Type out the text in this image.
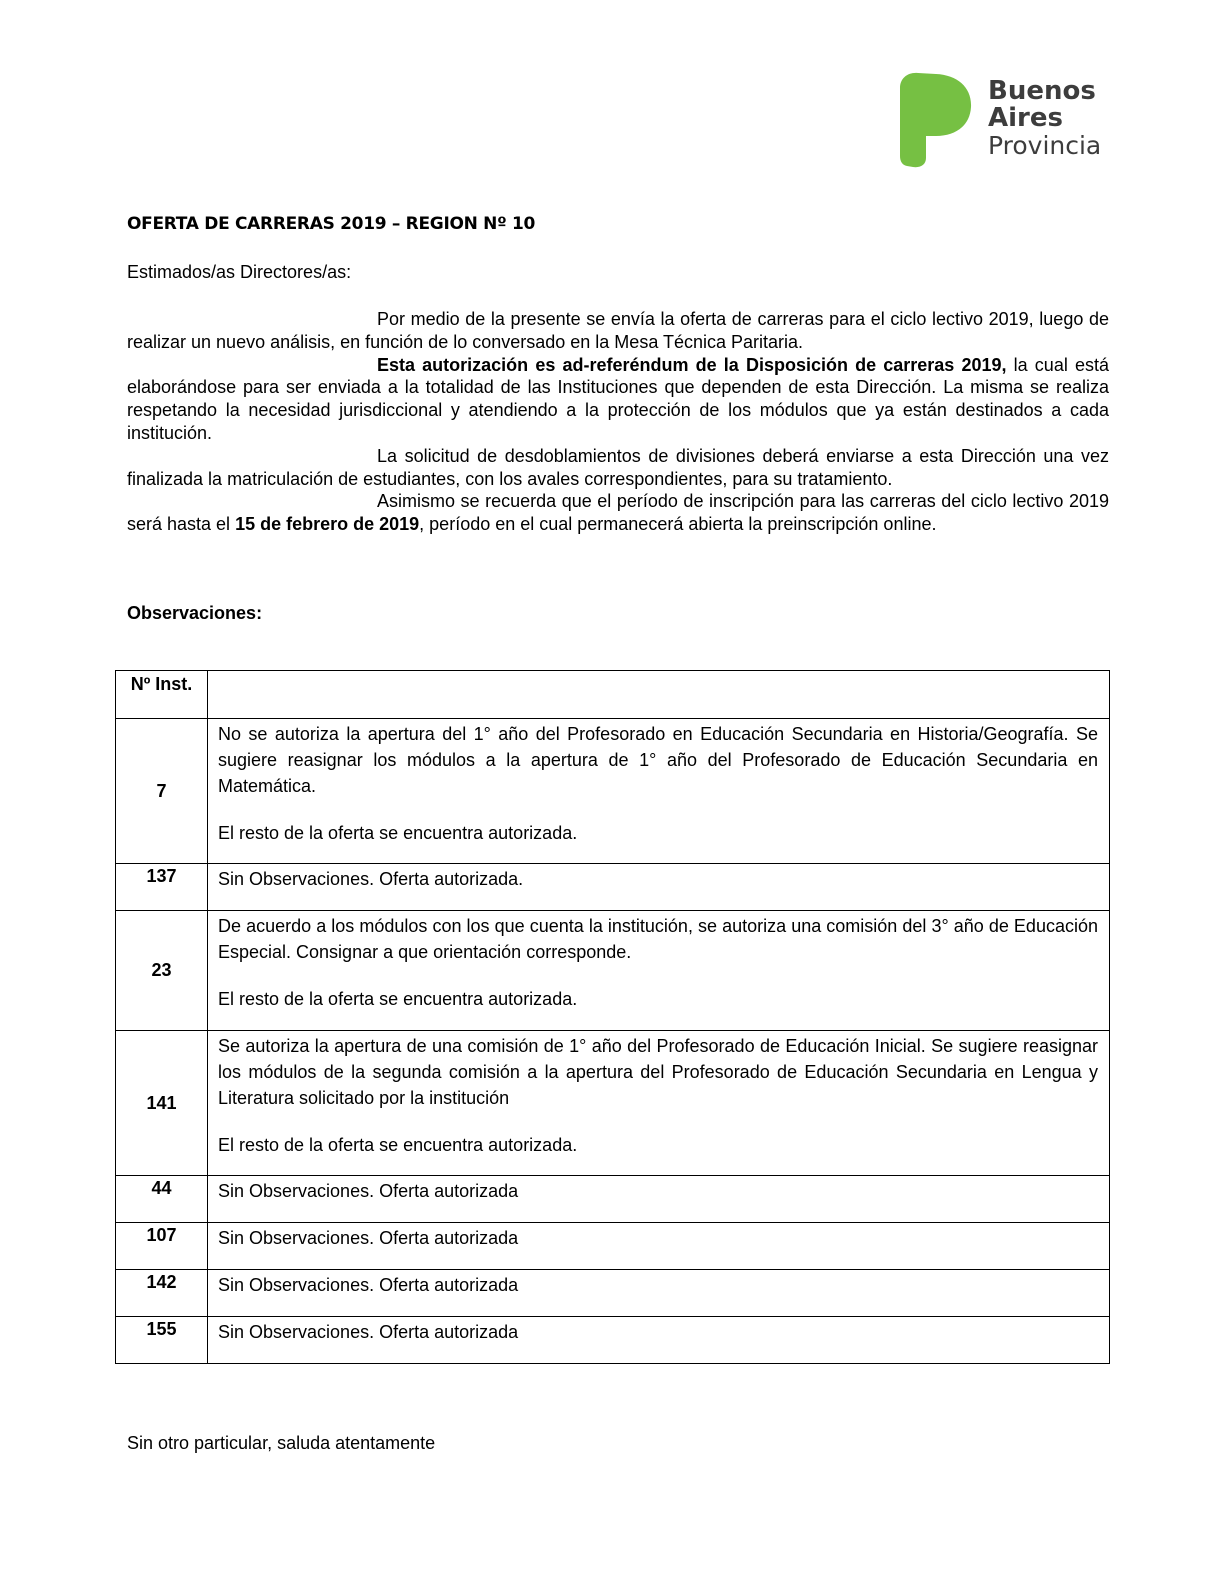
Buenos
Aires
Provincia
OFERTA DE CARRERAS 2019 – REGION Nº 10
Estimados/as Directores/as:

Por medio de la presente se envía la oferta de carreras para el ciclo lectivo 2019, luego de realizar un nuevo análisis, en función de lo conversado en la Mesa Técnica Paritaria.

Esta autorización es ad-referéndum de la Disposición de carreras 2019, la cual está elaborándose para ser enviada a la totalidad de las Instituciones que dependen de esta Dirección. La misma se realiza respetando la necesidad jurisdiccional y atendiendo a la protección de los módulos que ya están destinados a cada institución.

La solicitud de desdoblamientos de divisiones deberá enviarse a esta Dirección una vez finalizada la matriculación de estudiantes, con los avales correspondientes, para su tratamiento.

Asimismo se recuerda que el período de inscripción para las carreras del ciclo lectivo 2019 será hasta el 15 de febrero de 2019, período en el cual permanecerá abierta la preinscripción online.

Observaciones:
Nº Inst.	
7	No se autoriza la apertura del 1° año del Profesorado en Educación Secundaria en Historia/Geografía. Se sugiere reasignar los módulos a la apertura de 1° año del Profesorado de Educación Secundaria en Matemática.

El resto de la oferta se encuentra autorizada.

137	Sin Observaciones. Oferta autorizada.

23	De acuerdo a los módulos con los que cuenta la institución, se autoriza una comisión del 3° año de Educación Especial. Consignar a que orientación corresponde.

El resto de la oferta se encuentra autorizada.

141	Se autoriza la apertura de una comisión de 1° año del Profesorado de Educación Inicial. Se sugiere reasignar los módulos de la segunda comisión a la apertura del Profesorado de Educación Secundaria en Lengua y Literatura solicitado por la institución

El resto de la oferta se encuentra autorizada.

44	Sin Observaciones. Oferta autorizada

107	Sin Observaciones. Oferta autorizada

142	Sin Observaciones. Oferta autorizada

155	Sin Observaciones. Oferta autorizada

Sin otro particular, saluda atentamente
